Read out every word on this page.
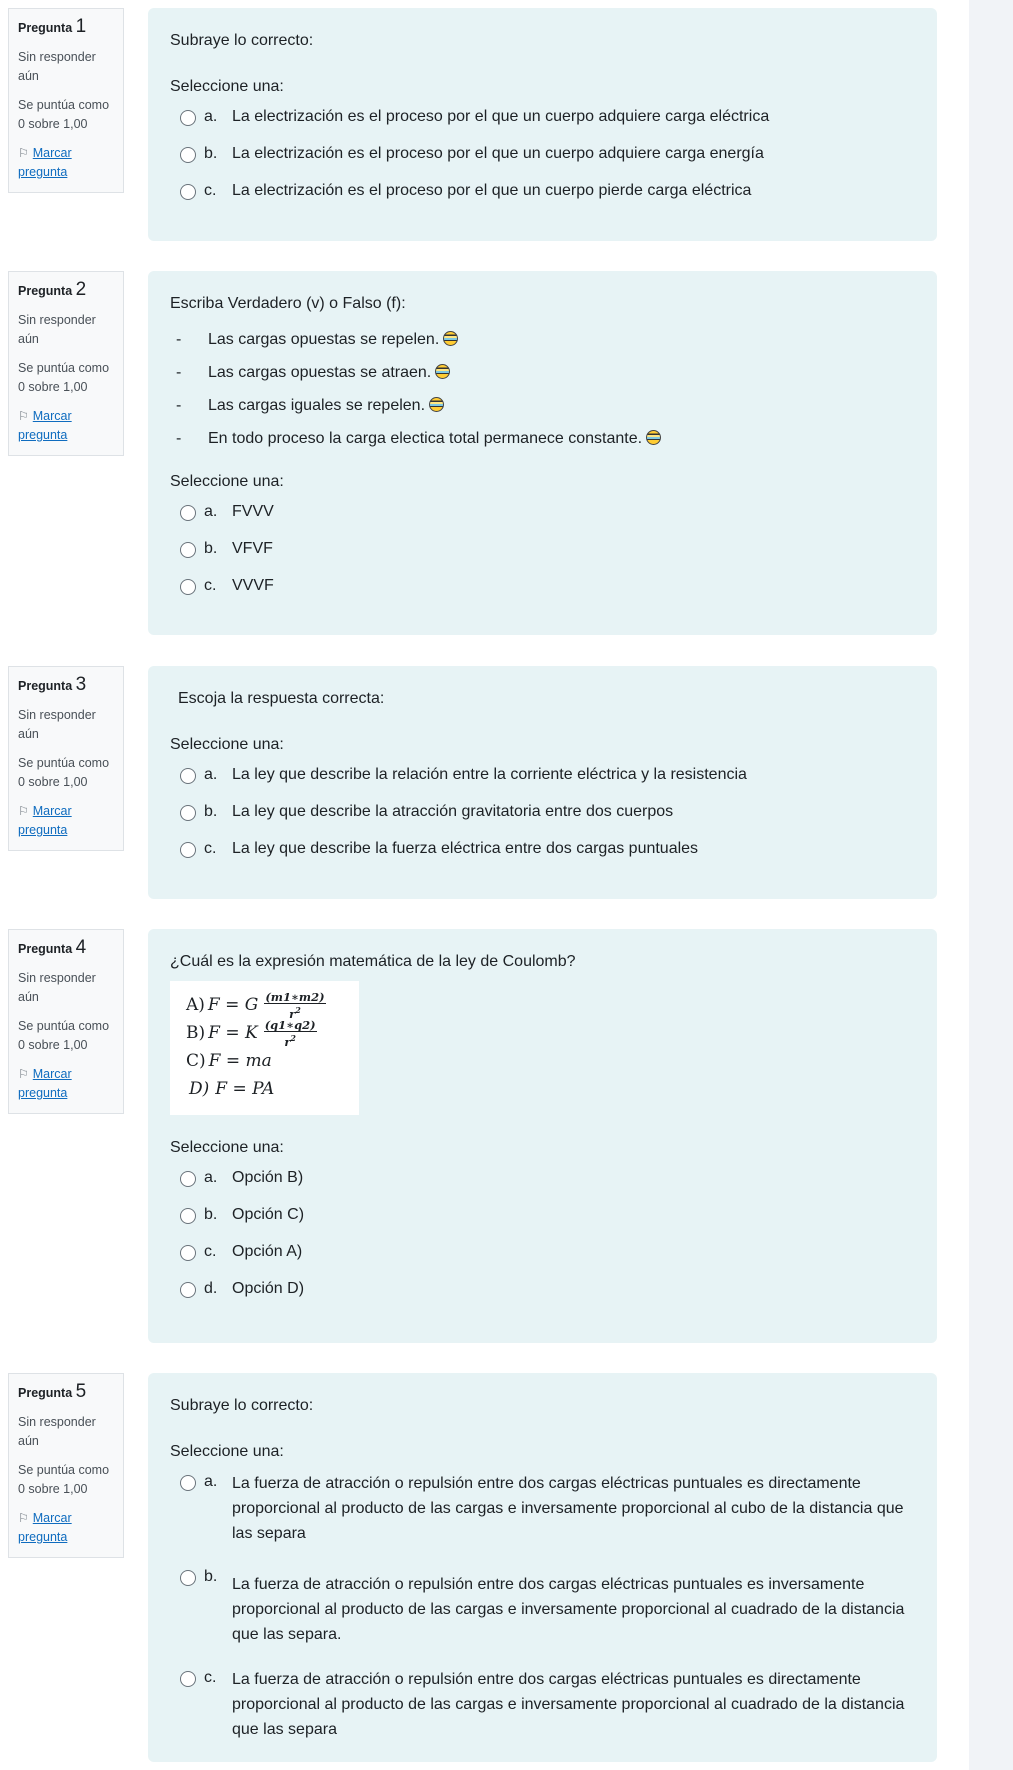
Pregunta 1
Sin responder
aún
Se puntúa como
0 sobre 1,00
⚐ Marcar
pregunta
Subraye lo correcto:
Seleccione una:
a. La electrización es el proceso por el que un cuerpo adquiere carga eléctrica
b. La electrización es el proceso por el que un cuerpo adquiere carga energía
c. La electrización es el proceso por el que un cuerpo pierde carga eléctrica
Pregunta 2
Sin responder
aún
Se puntúa como
0 sobre 1,00
⚐ Marcar
pregunta
Escriba Verdadero (v) o Falso (f):
- Las cargas opuestas se repelen.
- Las cargas opuestas se atraen.
- Las cargas iguales se repelen.
- En todo proceso la carga electica total permanece constante.
Seleccione una:
a. FVVV
b. VFVF
c. VVVF
Pregunta 3
Sin responder
aún
Se puntúa como
0 sobre 1,00
⚐ Marcar
pregunta
Escoja la respuesta correcta:
Seleccione una:
a. La ley que describe la relación entre la corriente eléctrica y la resistencia
b. La ley que describe la atracción gravitatoria entre dos cuerpos
c. La ley que describe la fuerza eléctrica entre dos cargas puntuales
Pregunta 4
Sin responder
aún
Se puntúa como
0 sobre 1,00
⚐ Marcar
pregunta
¿Cuál es la expresión matemática de la ley de Coulomb?
A) F = G $\frac{(m1∗m2)}{r^2}$
B) F = K $\frac{(q1∗q2)}{r^2}$
C) F = ma
D) F = PA
Seleccione una:
a. Opción B)
b. Opción C)
c. Opción A)
d. Opción D)
Pregunta 5
Sin responder
aún
Se puntúa como
0 sobre 1,00
⚐ Marcar
pregunta
Subraye lo correcto:
Seleccione una:
a. La fuerza de atracción o repulsión entre dos cargas eléctricas puntuales es directamente proporcional al producto de las cargas e inversamente proporcional al cubo de la distancia que las separa
b. La fuerza de atracción o repulsión entre dos cargas eléctricas puntuales es inversamente proporcional al producto de las cargas e inversamente proporcional al cuadrado de la distancia que las separa.
c. La fuerza de atracción o repulsión entre dos cargas eléctricas puntuales es directamente proporcional al producto de las cargas e inversamente proporcional al cuadrado de la distancia que las separa
